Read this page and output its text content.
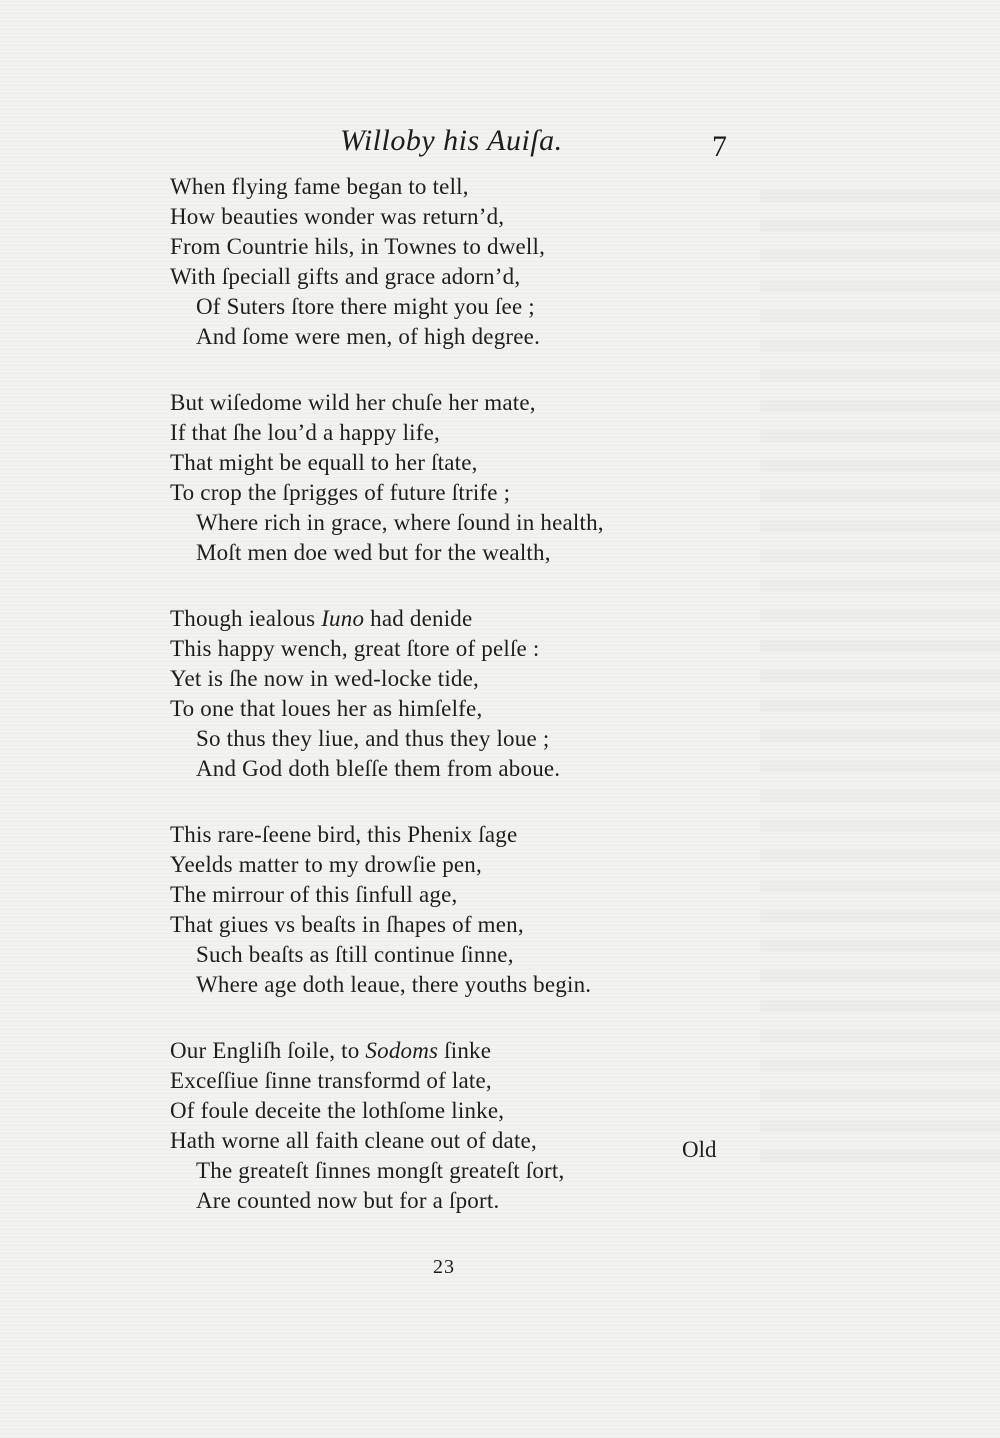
Willoby his Auiſa.	7
When flying fame began to tell,
How beauties wonder was return’d,
From Countrie hils, in Townes to dwell,
With ſpeciall gifts and grace adorn’d,
Of Suters ſtore there might you ſee ;
And ſome were men, of high degree.
But wiſedome wild her chuſe her mate,
If that ſhe lou’d a happy life,
That might be equall to her ſtate,
To crop the ſprigges of future ſtrife ;
Where rich in grace, where ſound in health,
Moſt men doe wed but for the wealth,
Though iealous Iuno had denide
This happy wench, great ſtore of pelſe :
Yet is ſhe now in wed-locke tide,
To one that loues her as himſelfe,
So thus they liue, and thus they loue ;
And God doth bleſſe them from aboue.
This rare-ſeene bird, this Phenix ſage
Yeelds matter to my drowſie pen,
The mirrour of this ſinfull age,
That giues vs beaſts in ſhapes of men,
Such beaſts as ſtill continue ſinne,
Where age doth leaue, there youths begin.
Our Engliſh ſoile, to Sodoms ſinke
Exceſſiue ſinne transformd of late,
Of foule deceite the lothſome linke,
Hath worne all faith cleane out of date,
The greateſt ſinnes mongſt greateſt ſort,
Are counted now but for a ſport.
Old
23
